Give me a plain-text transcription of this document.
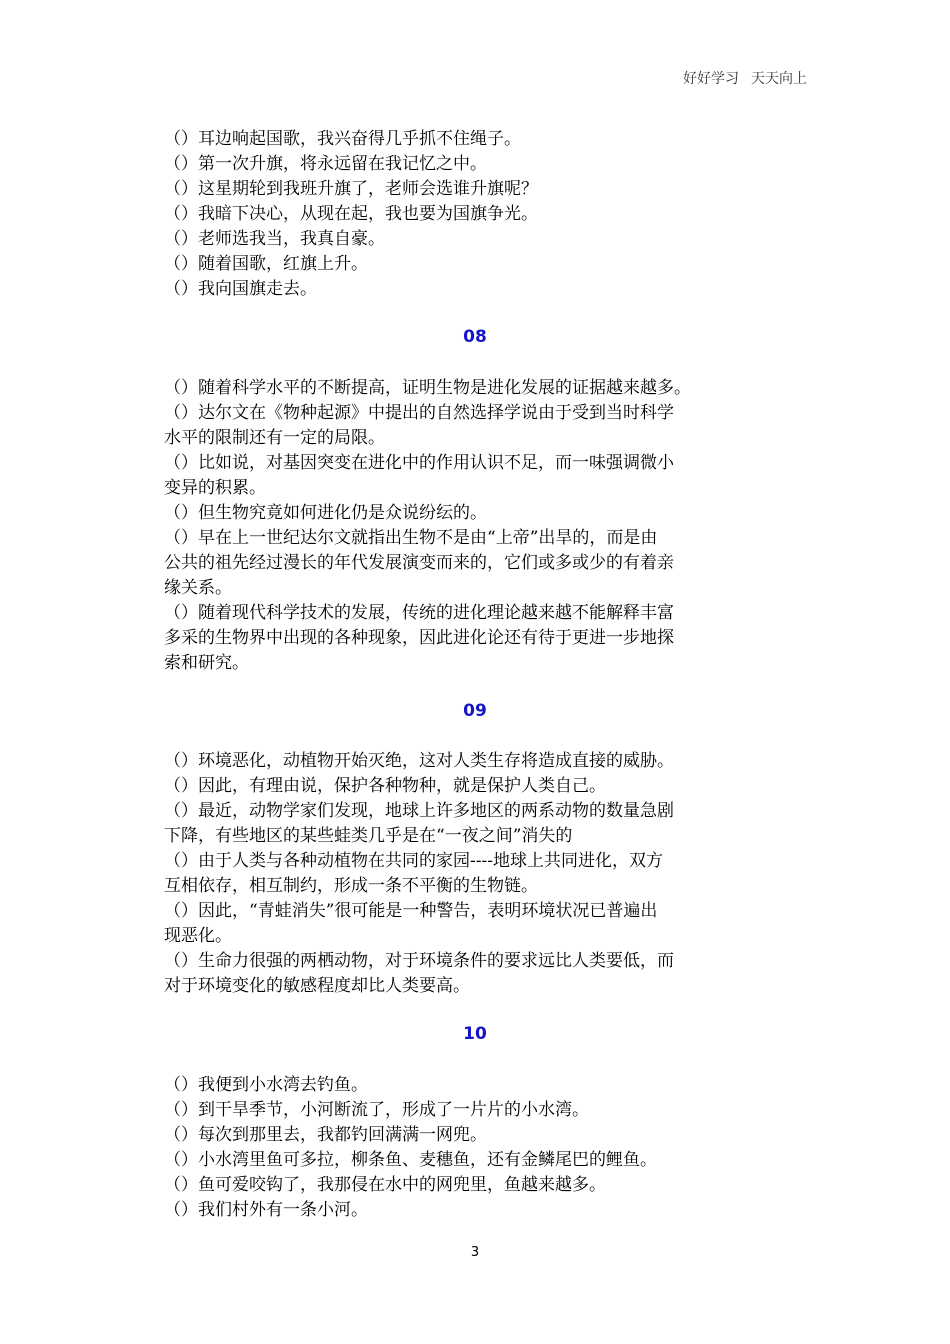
好好学习 天天向上
（）耳边响起国歌，我兴奋得几乎抓不住绳子。
（）第一次升旗，将永远留在我记忆之中。
（）这星期轮到我班升旗了，老师会选谁升旗呢？
（）我暗下决心，从现在起，我也要为国旗争光。
（）老师选我当，我真自豪。
（）随着国歌，红旗上升。
（）我向国旗走去。
08
（）随着科学水平的不断提高，证明生物是进化发展的证据越来越多。
（）达尔文在《物种起源》中提出的自然选择学说由于受到当时科学
水平的限制还有一定的局限。
（）比如说，对基因突变在进化中的作用认识不足，而一味强调微小
变异的积累。
（）但生物究竟如何进化仍是众说纷纭的。
（）早在上一世纪达尔文就指出生物不是由“上帝”出旱的，而是由
公共的祖先经过漫长的年代发展演变而来的，它们或多或少的有着亲
缘关系。
（）随着现代科学技术的发展，传统的进化理论越来越不能解释丰富
多采的生物界中出现的各种现象，因此进化论还有待于更进一步地探
索和研究。
09
（）环境恶化，动植物开始灭绝，这对人类生存将造成直接的威胁。
（）因此，有理由说，保护各种物种，就是保护人类自己。
（）最近，动物学家们发现，地球上许多地区的两系动物的数量急剧
下降，有些地区的某些蛙类几乎是在“一夜之间”消失的
（）由于人类与各种动植物在共同的家园----地球上共同进化，双方
互相依存，相互制约，形成一条不平衡的生物链。
（）因此，“青蛙消失”很可能是一种警告，表明环境状况已普遍出
现恶化。
（）生命力很强的两栖动物，对于环境条件的要求远比人类要低，而
对于环境变化的敏感程度却比人类要高。
10
（）我便到小水湾去钓鱼。
（）到干旱季节，小河断流了，形成了一片片的小水湾。
（）每次到那里去，我都钓回满满一网兜。
（）小水湾里鱼可多拉，柳条鱼、麦穗鱼，还有金鳞尾巴的鲤鱼。
（）鱼可爱咬钩了，我那侵在水中的网兜里，鱼越来越多。
（）我们村外有一条小河。
3
